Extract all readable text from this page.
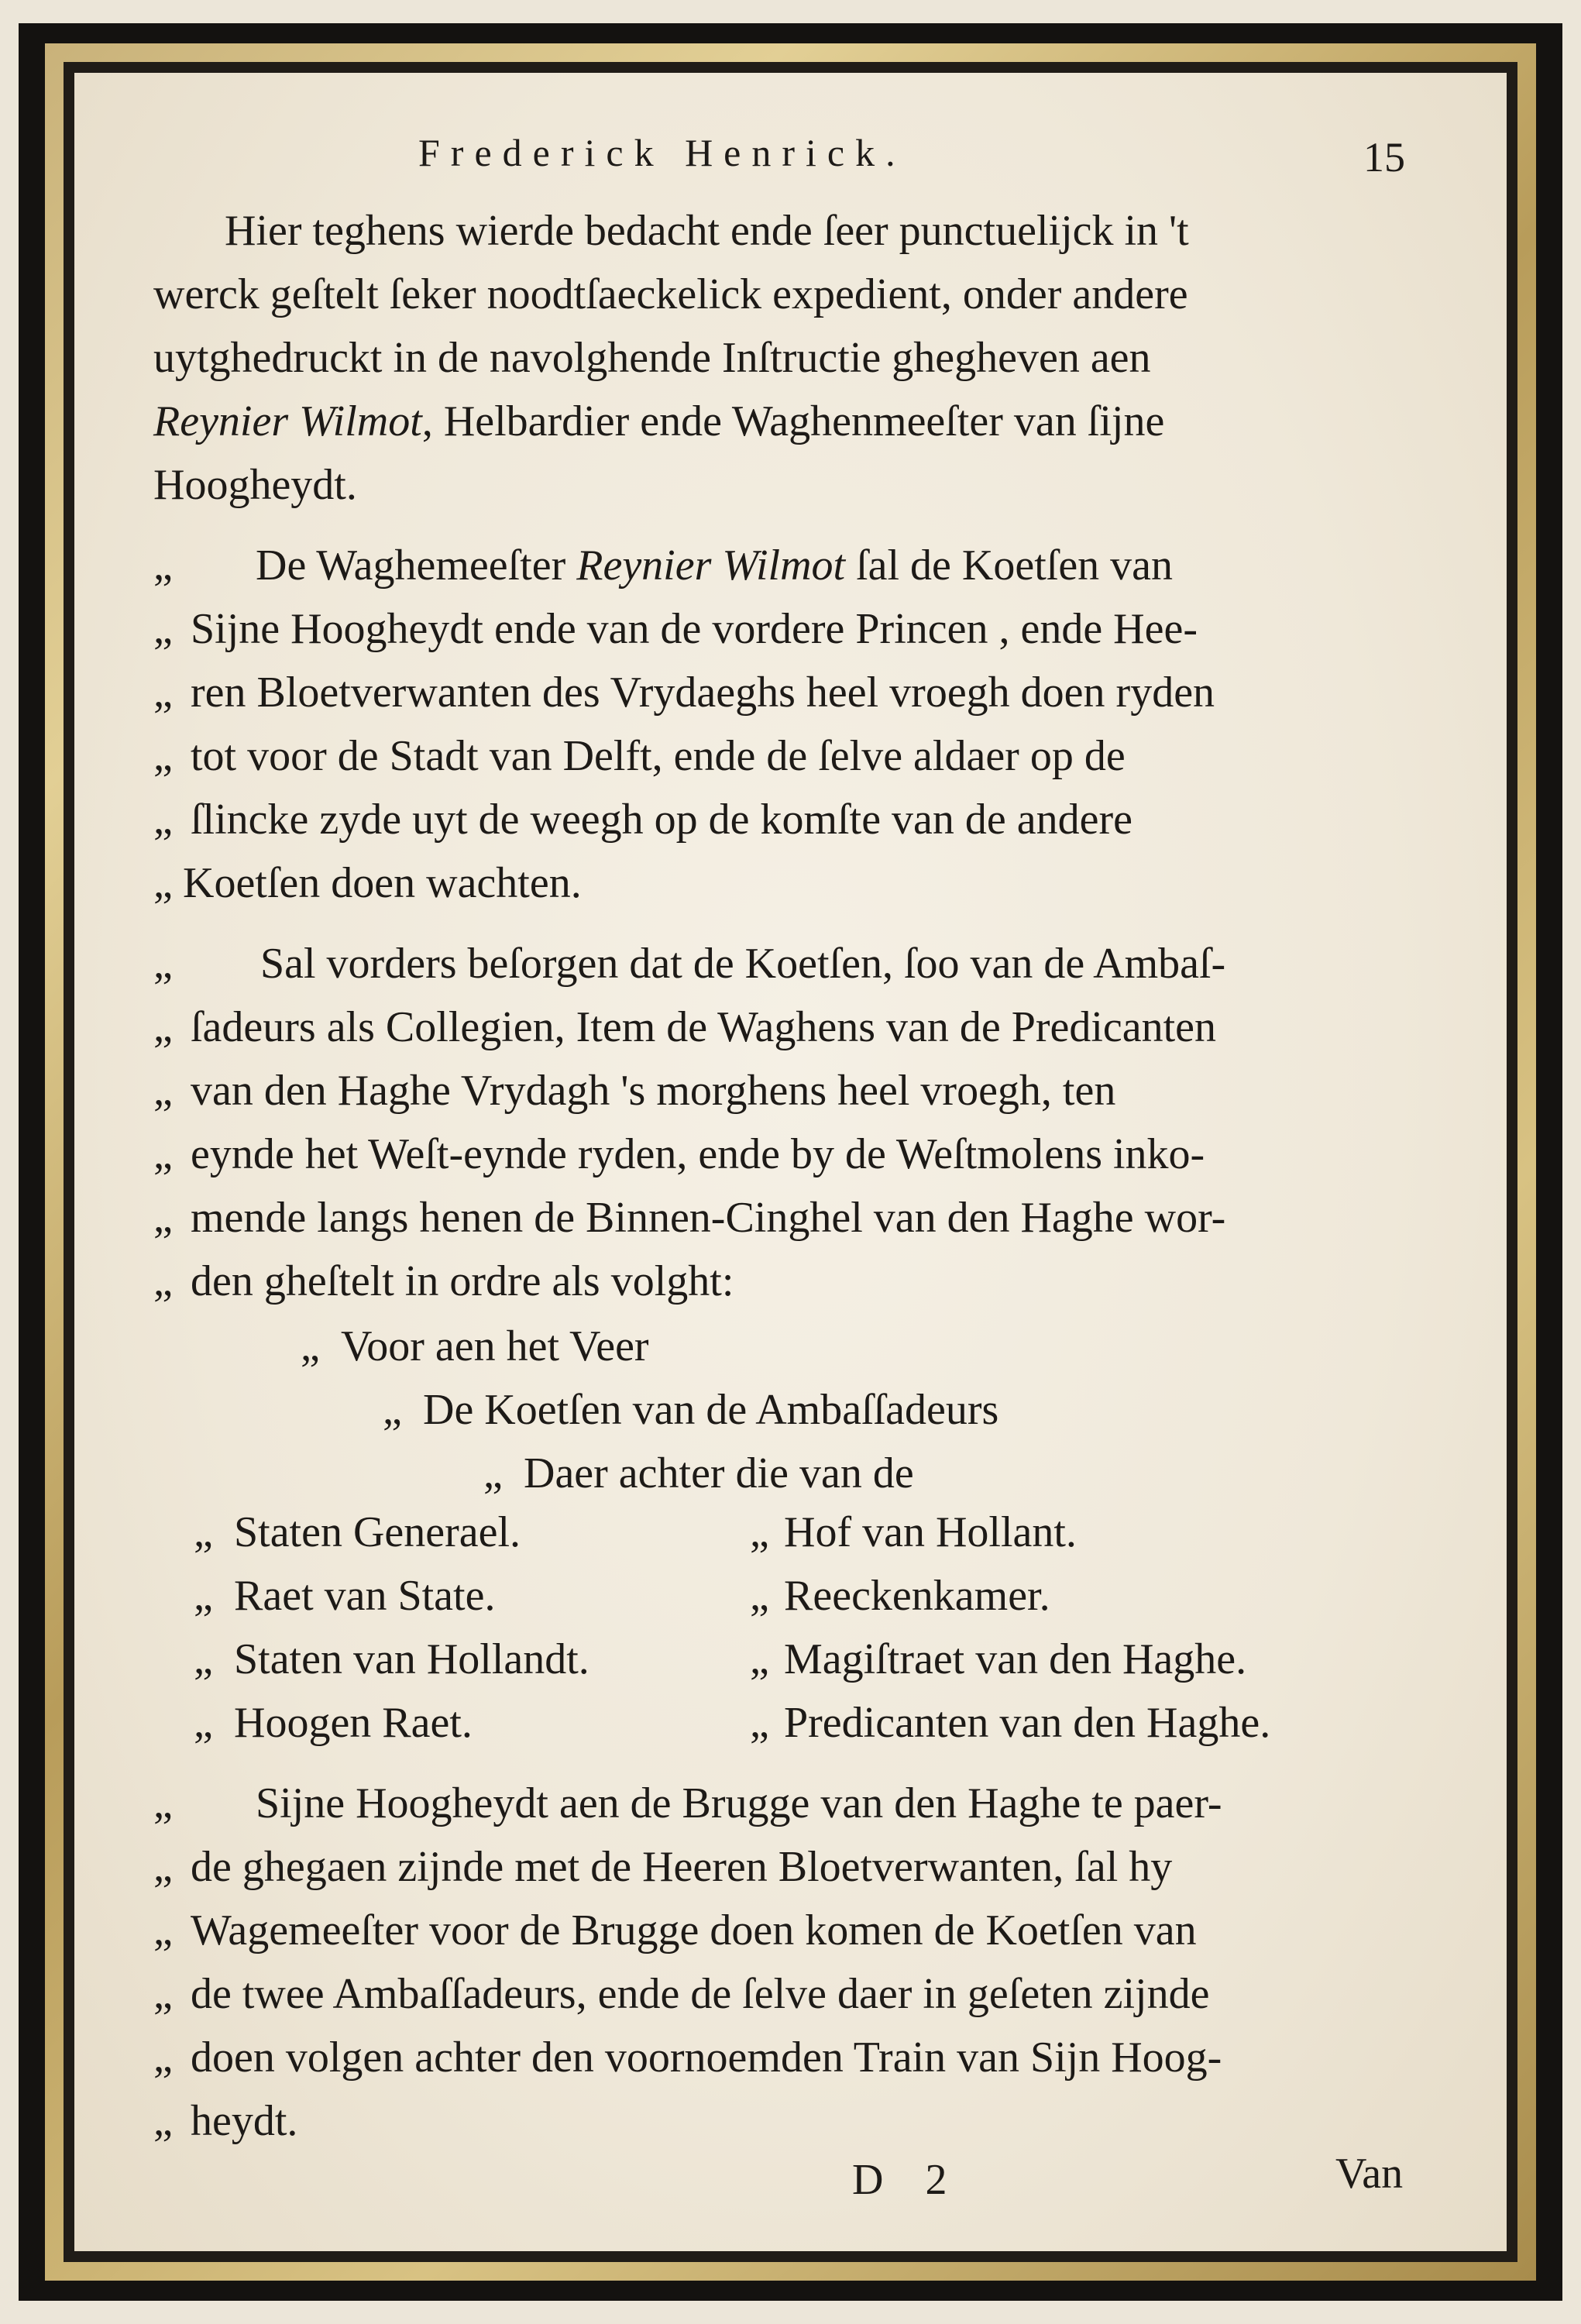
Frederick Henrick.	15
Hier teghens wierde bedacht ende ſeer punctuelijck in 't
werck geſtelt ſeker noodtſaeckelick expedient, onder andere
uytghedruckt in de navolghende Inſtructie ghegheven aen
Reynier Wilmot, Helbardier ende Waghenmeeſter van ſijne
Hoogheydt.
„ De Waghemeeſter Reynier Wilmot ſal de Koetſen van
„ Sijne Hoogheydt ende van de vordere Princen , ende Hee-
„ ren Bloetverwanten des Vrydaeghs heel vroegh doen ryden
„ tot voor de Stadt van Delft, ende de ſelve aldaer op de
„ ſlincke zyde uyt de weegh op de komſte van de andere
„ Koetſen doen wachten.
„ Sal vorders beſorgen dat de Koetſen, ſoo van de Ambaſ-
„ ſadeurs als Collegien, Item de Waghens van de Predicanten
„ van den Haghe Vrydagh 's morghens heel vroegh, ten
„ eynde het Weſt-eynde ryden, ende by de Weſtmolens inko-
„ mende langs henen de Binnen-Cinghel van den Haghe wor-
„ den gheſtelt in ordre als volght:
„ Voor aen het Veer
„ De Koetſen van de Ambaſſadeurs
„ Daer achter die van de
„ Staten Generael.	„ Hof van Hollant.
„ Raet van State.	„ Reeckenkamer.
„ Staten van Hollandt.	„ Magiſtraet van den Haghe.
„ Hoogen Raet.	„ Predicanten van den Haghe.
„ Sijne Hoogheydt aen de Brugge van den Haghe te paer-
„ de ghegaen zijnde met de Heeren Bloetverwanten, ſal hy
„ Wagemeeſter voor de Brugge doen komen de Koetſen van
„ de twee Ambaſſadeurs, ende de ſelve daer in geſeten zijnde
„ doen volgen achter den voornoemden Train van Sijn Hoog-
„ heydt.
D 2	Van
